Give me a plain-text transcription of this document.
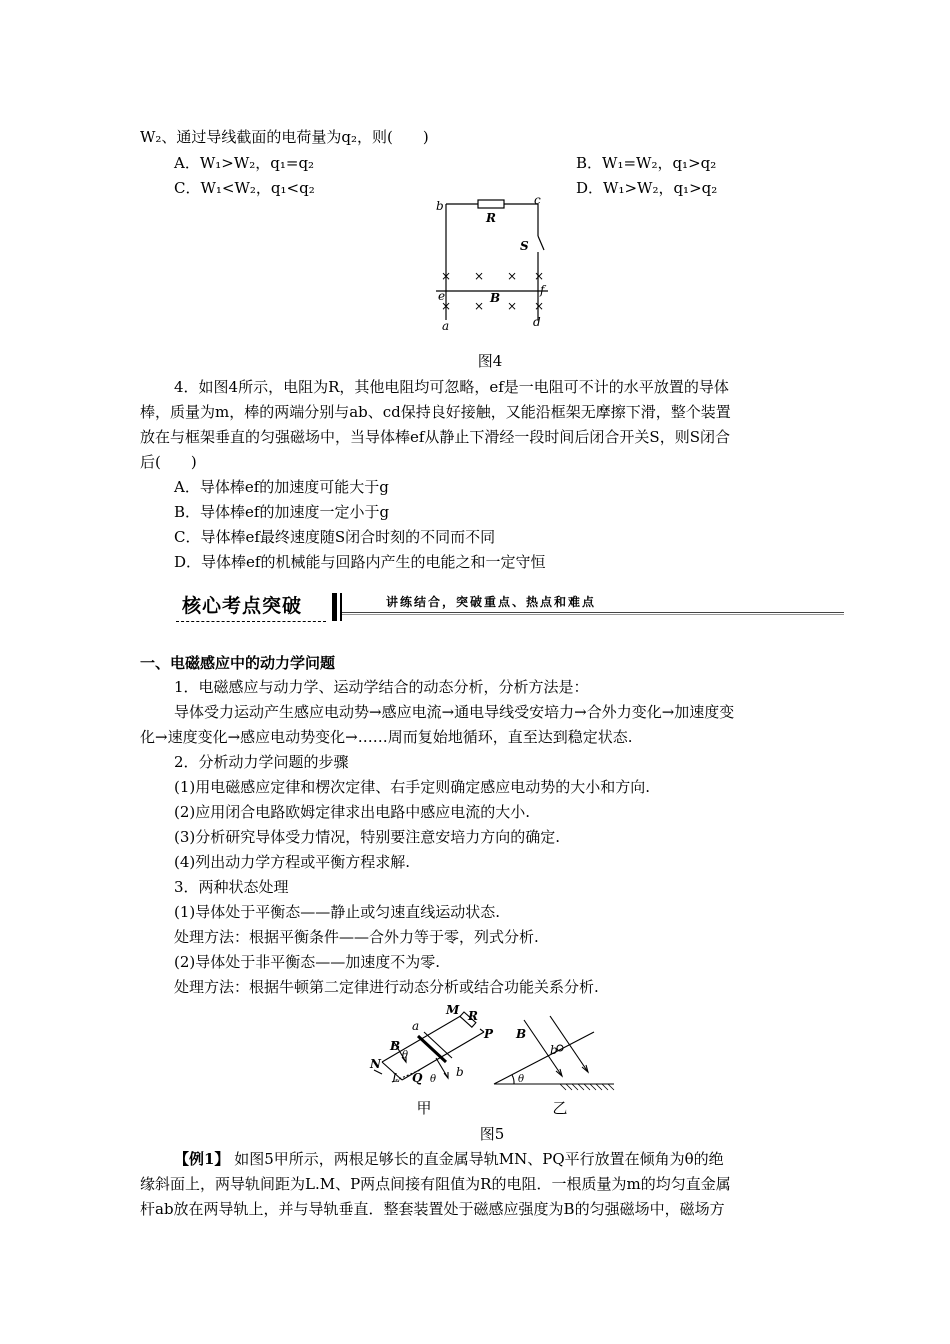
W₂、通过导线截面的电荷量为q₂，则(　　)
A．W₁>W₂，q₁=q₂	B．W₁=W₂，q₁>q₂
C．W₁<W₂，q₁<q₂	D．W₁>W₂，q₁>q₂
b	c
R
S
× × × ×
e	f
B
× × × ×
a	d
图4
4．如图4所示，电阻为R，其他电阻均可忽略，ef是一电阻可不计的水平放置的导体
棒，质量为m，棒的两端分别与ab、cd保持良好接触，又能沿框架无摩擦下滑，整个装置
放在与框架垂直的匀强磁场中，当导体棒ef从静止下滑经一段时间后闭合开关S，则S闭合
后(　　)
A．导体棒ef的加速度可能大于g
B．导体棒ef的加速度一定小于g
C．导体棒ef最终速度随S闭合时刻的不同而不同
D．导体棒ef的机械能与回路内产生的电能之和一定守恒
核心考点突破	讲练结合，突破重点、热点和难点
一、电磁感应中的动力学问题
1．电磁感应与动力学、运动学结合的动态分析，分析方法是：
导体受力运动产生感应电动势→感应电流→通电导线受安培力→合外力变化→加速度变
化→速度变化→感应电动势变化→……周而复始地循环，直至达到稳定状态.
2．分析动力学问题的步骤
(1)用电磁感应定律和楞次定律、右手定则确定感应电动势的大小和方向.
(2)应用闭合电路欧姆定律求出电路中感应电流的大小.
(3)分析研究导体受力情况，特别要注意安培力方向的确定.
(4)列出动力学方程或平衡方程求解.
3．两种状态处理
(1)导体处于平衡态——静止或匀速直线运动状态.
处理方法：根据平衡条件——合外力等于零，列式分析.
(2)导体处于非平衡态——加速度不为零.
处理方法：根据牛顿第二定律进行动态分析或结合功能关系分析.
M R
a
P
B
θ
N
b
L Q θ
B
b
θ
甲	乙
图5
【例1】 如图5甲所示，两根足够长的直金属导轨MN、PQ平行放置在倾角为θ的绝
缘斜面上，两导轨间距为L.M、P两点间接有阻值为R的电阻．一根质量为m的均匀直金属
杆ab放在两导轨上，并与导轨垂直．整套装置处于磁感应强度为B的匀强磁场中，磁场方
